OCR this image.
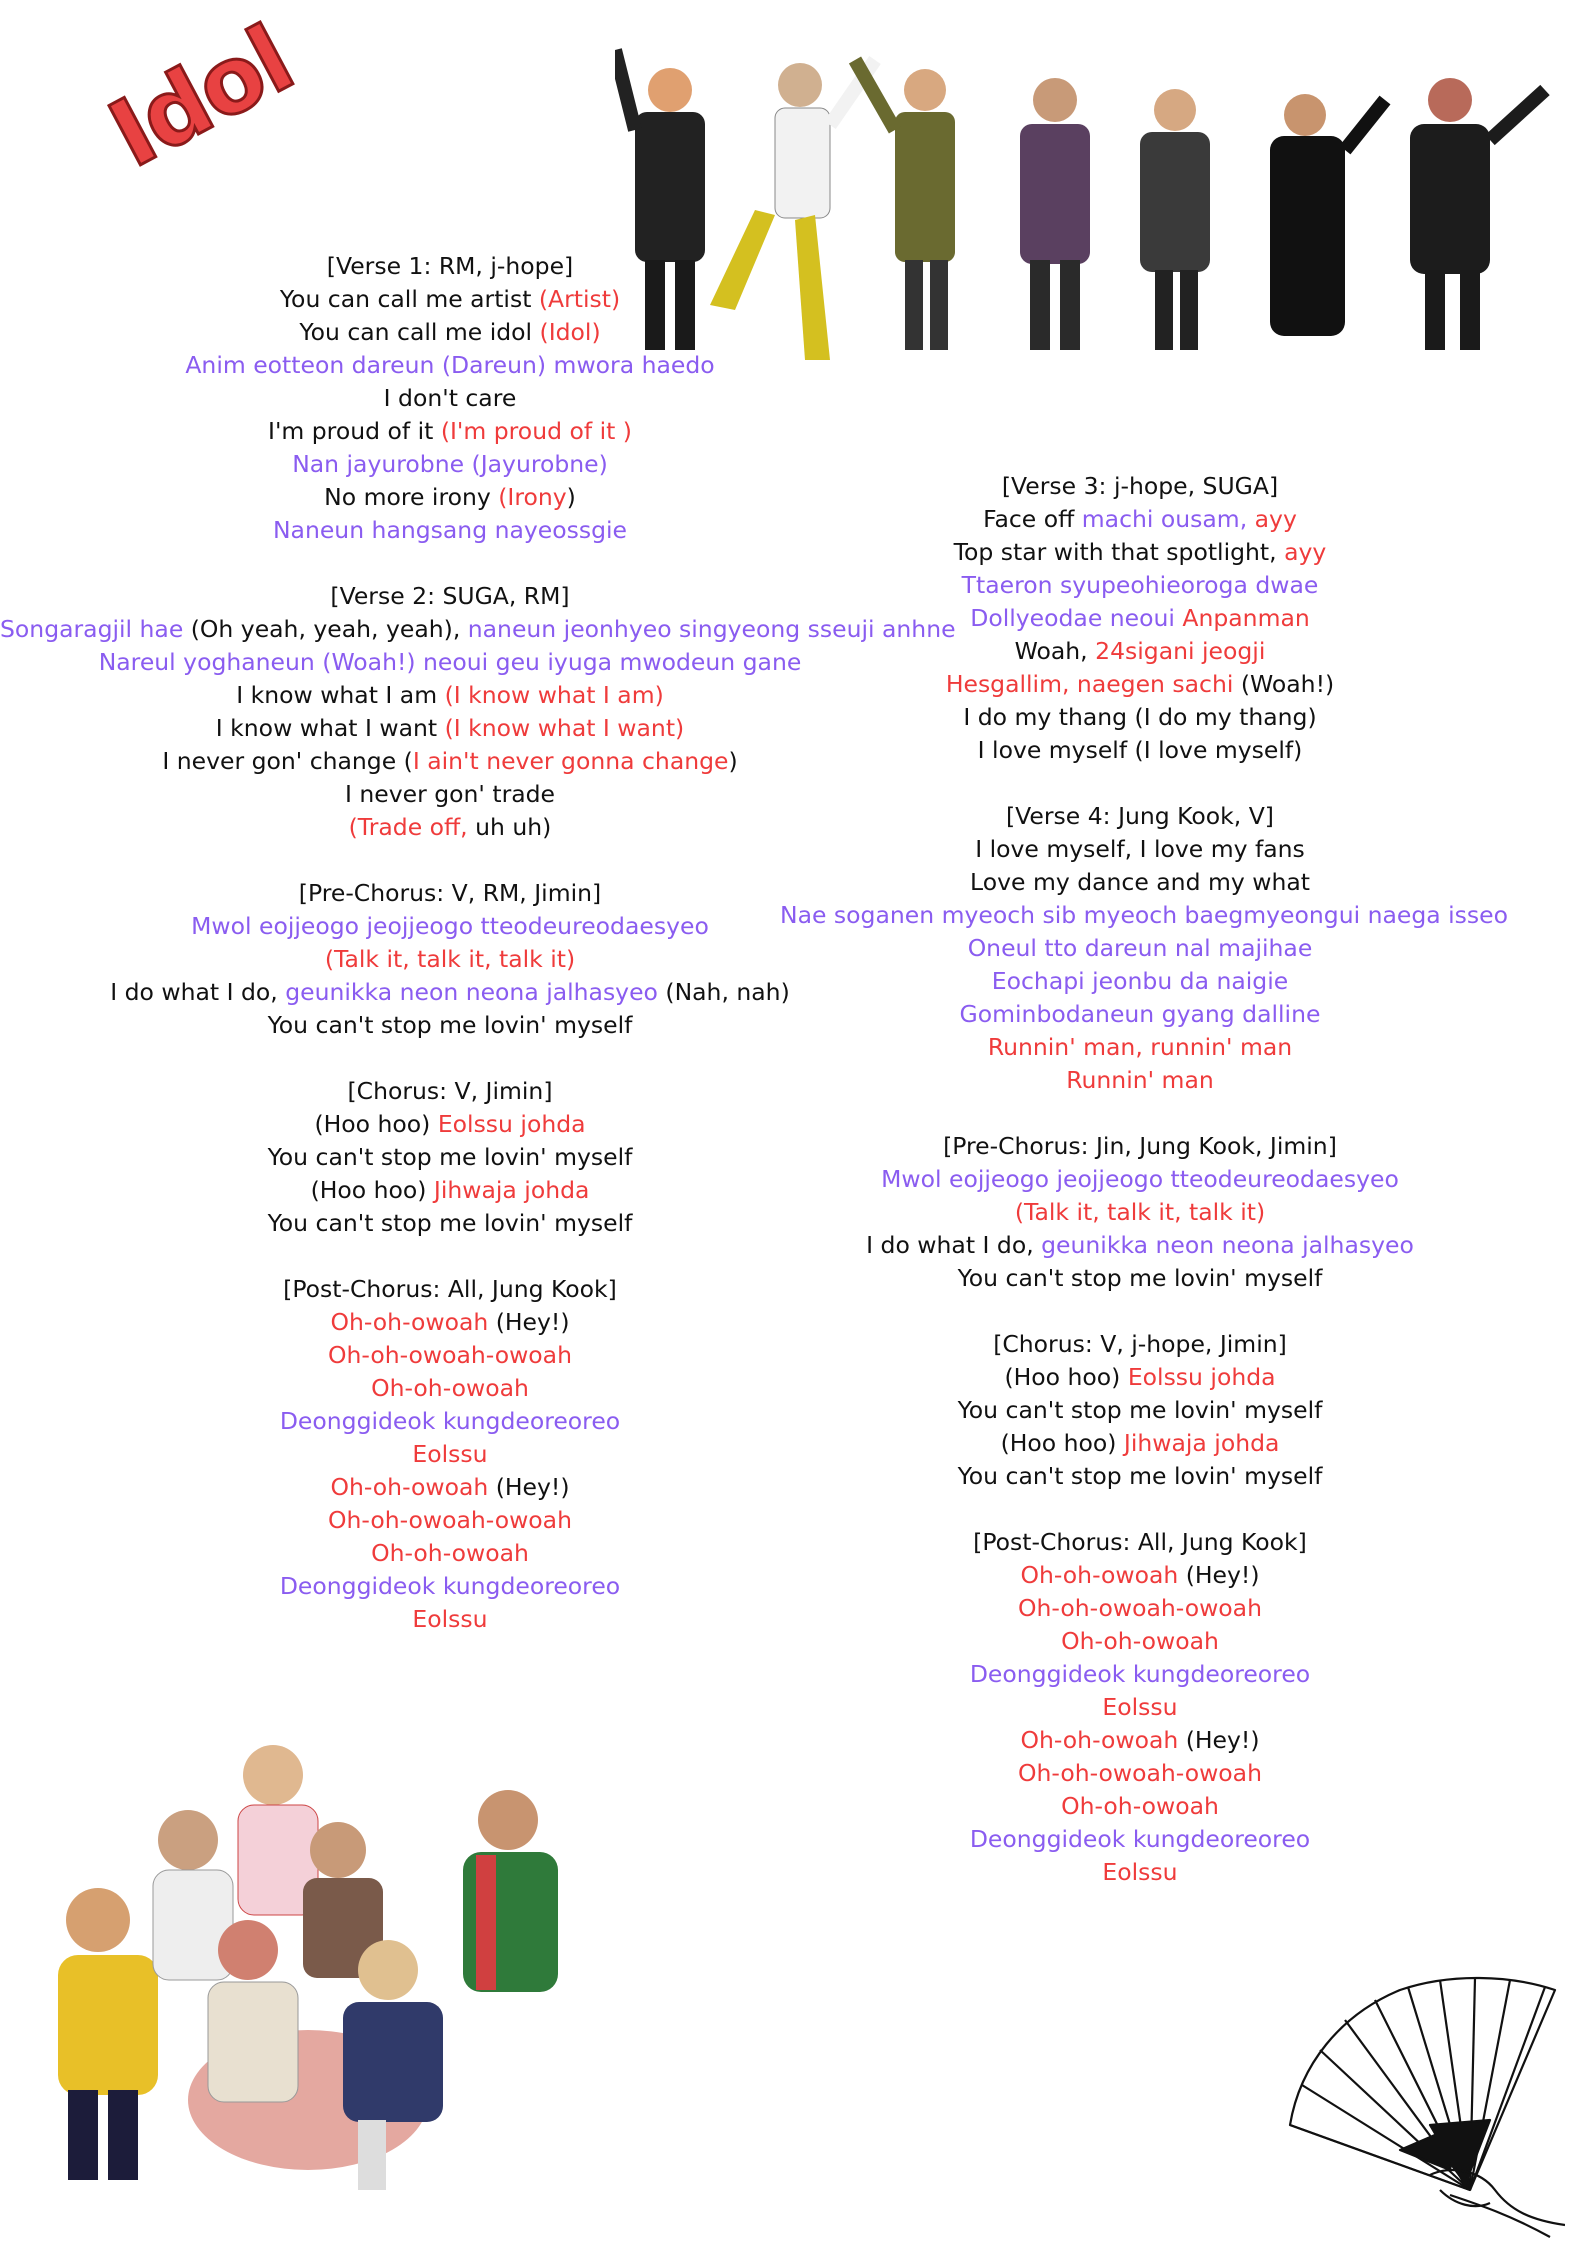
Idol
[Verse 1: RM, j-hope]
You can call me artist (Artist)
You can call me idol (Idol)
Anim eotteon dareun (Dareun) mwora haedo
I don't care
I'm proud of it (I'm proud of it )
Nan jayurobne (Jayurobne)
No more irony (Irony)
Naneun hangsang nayeossgie
[Verse 2: SUGA, RM]
Songaragjil hae (Oh yeah, yeah, yeah), naneun jeonhyeo singyeong sseuji anhne
Nareul yoghaneun (Woah!) neoui geu iyuga mwodeun gane
I know what I am (I know what I am)
I know what I want (I know what I want)
I never gon' change (I ain't never gonna change)
I never gon' trade
(Trade off, uh uh)
[Pre-Chorus: V, RM, Jimin]
Mwol eojjeogo jeojjeogo tteodeureodaesyeo
(Talk it, talk it, talk it)
I do what I do, geunikka neon neona jalhasyeo (Nah, nah)
You can't stop me lovin' myself
[Chorus: V, Jimin]
(Hoo hoo) Eolssu johda
You can't stop me lovin' myself
(Hoo hoo) Jihwaja johda
You can't stop me lovin' myself
[Post-Chorus: All, Jung Kook]
Oh-oh-owoah (Hey!)
Oh-oh-owoah-owoah
Oh-oh-owoah
Deonggideok kungdeoreoreo
Eolssu
Oh-oh-owoah (Hey!)
Oh-oh-owoah-owoah
Oh-oh-owoah
Deonggideok kungdeoreoreo
Eolssu
[Verse 3: j-hope, SUGA]
Face off machi ousam, ayy
Top star with that spotlight, ayy
Ttaeron syupeohieoroga dwae
Dollyeodae neoui Anpanman
Woah, 24sigani jeogji
Hesgallim, naegen sachi (Woah!)
I do my thang (I do my thang)
I love myself (I love myself)
[Verse 4: Jung Kook, V]
I love myself, I love my fans
Love my dance and my what
Nae soganen myeoch sib myeoch baegmyeongui naega isseo
Oneul tto dareun nal majihae
Eochapi jeonbu da naigie
Gominbodaneun gyang dalline
Runnin' man, runnin' man
Runnin' man
[Pre-Chorus: Jin, Jung Kook, Jimin]
Mwol eojjeogo jeojjeogo tteodeureodaesyeo
(Talk it, talk it, talk it)
I do what I do, geunikka neon neona jalhasyeo
You can't stop me lovin' myself
[Chorus: V, j-hope, Jimin]
(Hoo hoo) Eolssu johda
You can't stop me lovin' myself
(Hoo hoo) Jihwaja johda
You can't stop me lovin' myself
[Post-Chorus: All, Jung Kook]
Oh-oh-owoah (Hey!)
Oh-oh-owoah-owoah
Oh-oh-owoah
Deonggideok kungdeoreoreo
Eolssu
Oh-oh-owoah (Hey!)
Oh-oh-owoah-owoah
Oh-oh-owoah
Deonggideok kungdeoreoreo
Eolssu
